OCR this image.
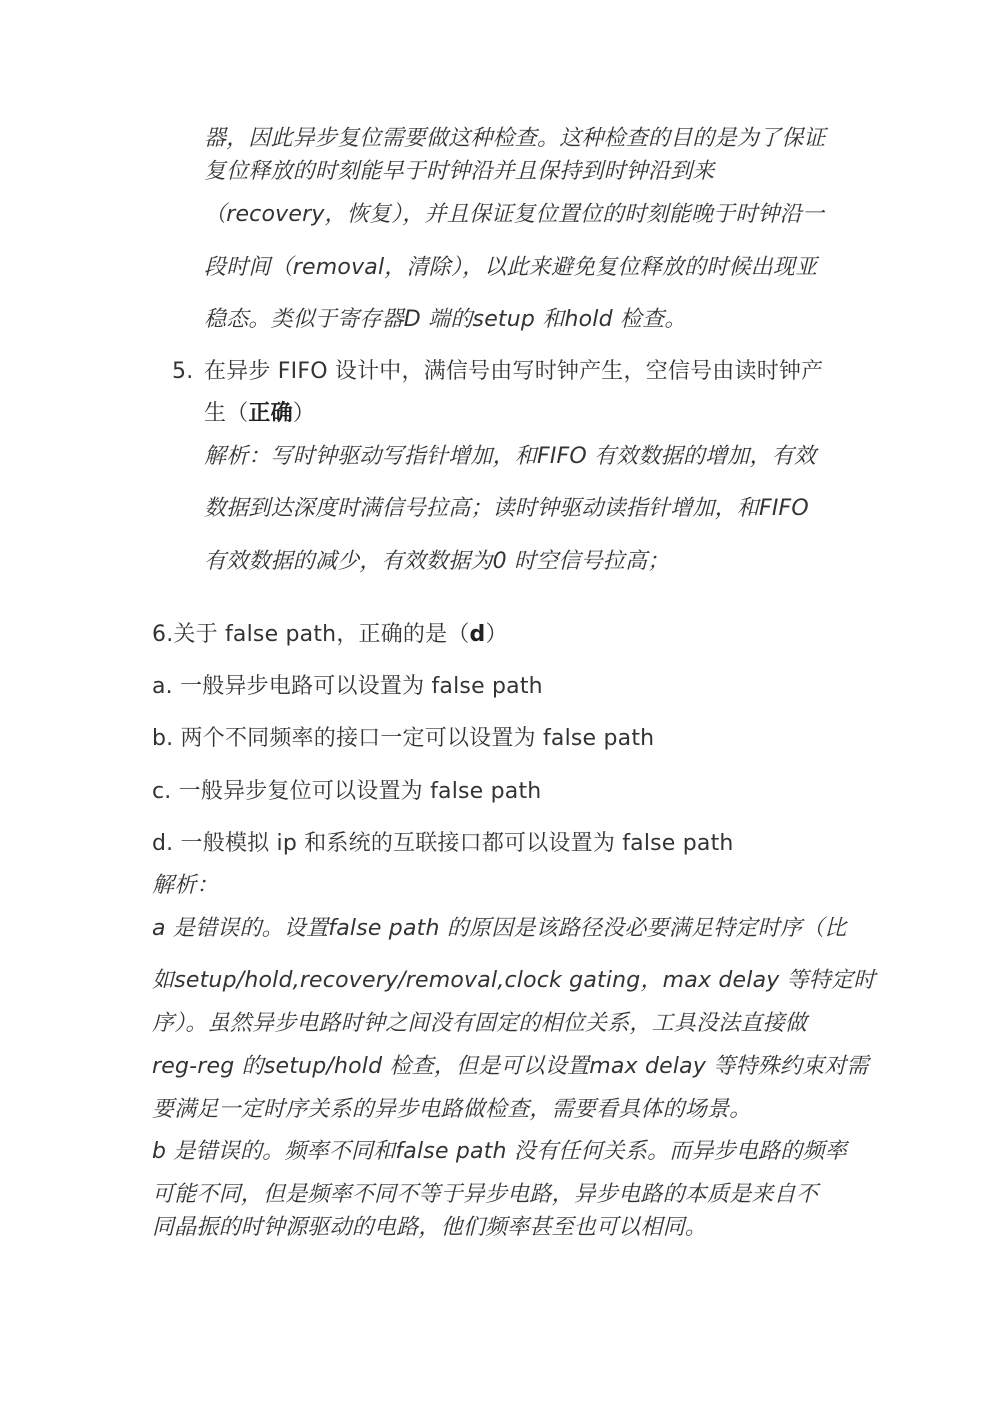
器，因此异步复位需要做这种检查。这种检查的目的是为了保证
复位释放的时刻能早于时钟沿并且保持到时钟沿到来
（recovery，恢复），并且保证复位置位的时刻能晚于时钟沿一
段时间（removal，清除），以此来避免复位释放的时候出现亚
稳态。类似于寄存器D 端的setup 和hold 检查。
5. 在异步 FIFO 设计中，满信号由写时钟产生，空信号由读时钟产
生（正确）
解析：写时钟驱动写指针增加，和FIFO 有效数据的增加，有效
数据到达深度时满信号拉高；读时钟驱动读指针增加，和FIFO
有效数据的减少，有效数据为0 时空信号拉高；
6.关于 false path，正确的是（d）
a. 一般异步电路可以设置为 false path
b. 两个不同频率的接口一定可以设置为 false path
c. 一般异步复位可以设置为 false path
d. 一般模拟 ip 和系统的互联接口都可以设置为 false path
解析：
a 是错误的。设置false path 的原因是该路径没必要满足特定时序（比
如setup/hold,recovery/removal,clock gating，max delay 等特定时
序）。虽然异步电路时钟之间没有固定的相位关系，工具没法直接做
reg-reg 的setup/hold 检查，但是可以设置max delay 等特殊约束对需
要满足一定时序关系的异步电路做检查，需要看具体的场景。
b 是错误的。频率不同和false path 没有任何关系。而异步电路的频率
可能不同，但是频率不同不等于异步电路，异步电路的本质是来自不
同晶振的时钟源驱动的电路，他们频率甚至也可以相同。
